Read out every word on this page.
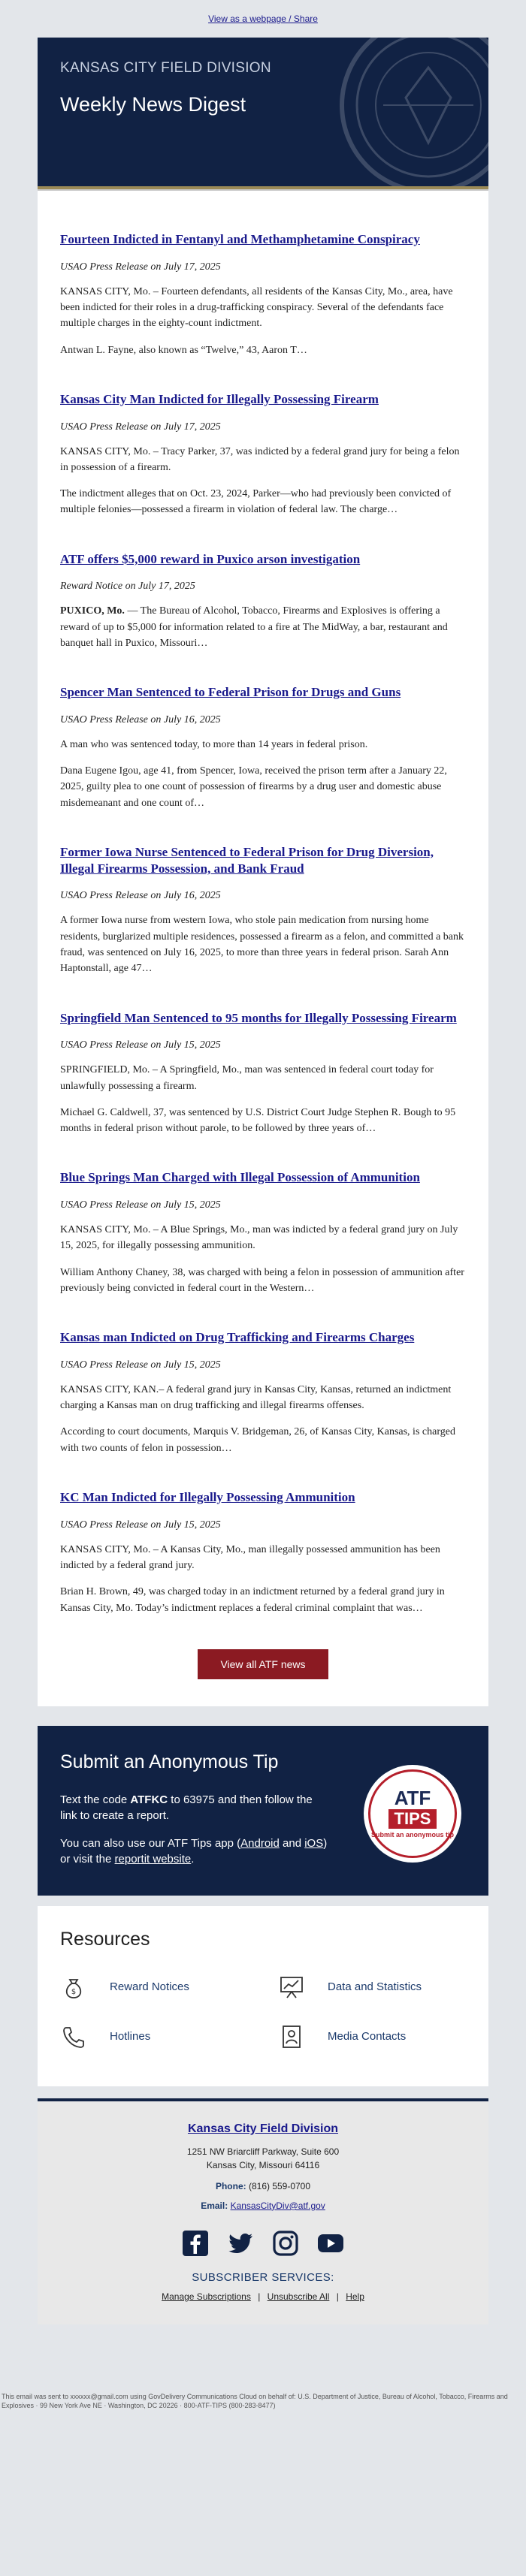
View as a webpage / Share
KANSAS CITY FIELD DIVISION
Weekly News Digest
Fourteen Indicted in Fentanyl and Methamphetamine Conspiracy
USAO Press Release on July 17, 2025

KANSAS CITY, Mo. – Fourteen defendants, all residents of the Kansas City, Mo., area, have been indicted for their roles in a drug-trafficking conspiracy. Several of the defendants face multiple charges in the eighty-count indictment.

Antwan L. Fayne, also known as “Twelve,” 43, Aaron T…

Kansas City Man Indicted for Illegally Possessing Firearm
USAO Press Release on July 17, 2025

KANSAS CITY, Mo. – Tracy Parker, 37, was indicted by a federal grand jury for being a felon in possession of a firearm.

The indictment alleges that on Oct. 23, 2024, Parker—who had previously been convicted of multiple felonies—possessed a firearm in violation of federal law. The charge…

ATF offers $5,000 reward in Puxico arson investigation
Reward Notice on July 17, 2025

PUXICO, Mo. — The Bureau of Alcohol, Tobacco, Firearms and Explosives is offering a reward of up to $5,000 for information related to a fire at The MidWay, a bar, restaurant and banquet hall in Puxico, Missouri…

Spencer Man Sentenced to Federal Prison for Drugs and Guns
USAO Press Release on July 16, 2025

A man who was sentenced today, to more than 14 years in federal prison.

Dana Eugene Igou, age 41, from Spencer, Iowa, received the prison term after a January 22, 2025, guilty plea to one count of possession of firearms by a drug user and domestic abuse misdemeanant and one count of…

Former Iowa Nurse Sentenced to Federal Prison for Drug Diversion, Illegal Firearms Possession, and Bank Fraud
USAO Press Release on July 16, 2025

A former Iowa nurse from western Iowa, who stole pain medication from nursing home residents, burglarized multiple residences, possessed a firearm as a felon, and committed a bank fraud, was sentenced on July 16, 2025, to more than three years in federal prison. Sarah Ann Haptonstall, age 47…

Springfield Man Sentenced to 95 months for Illegally Possessing Firearm
USAO Press Release on July 15, 2025

SPRINGFIELD, Mo. – A Springfield, Mo., man was sentenced in federal court today for unlawfully possessing a firearm.

Michael G. Caldwell, 37, was sentenced by U.S. District Court Judge Stephen R. Bough to 95 months in federal prison without parole, to be followed by three years of…

Blue Springs Man Charged with Illegal Possession of Ammunition
USAO Press Release on July 15, 2025

KANSAS CITY, Mo. – A Blue Springs, Mo., man was indicted by a federal grand jury on July 15, 2025, for illegally possessing ammunition.

William Anthony Chaney, 38, was charged with being a felon in possession of ammunition after previously being convicted in federal court in the Western…

Kansas man Indicted on Drug Trafficking and Firearms Charges
USAO Press Release on July 15, 2025

KANSAS CITY, KAN.– A federal grand jury in Kansas City, Kansas, returned an indictment charging a Kansas man on drug trafficking and illegal firearms offenses.

According to court documents, Marquis V. Bridgeman, 26, of Kansas City, Kansas, is charged with two counts of felon in possession…

KC Man Indicted for Illegally Possessing Ammunition
USAO Press Release on July 15, 2025

KANSAS CITY, Mo. – A Kansas City, Mo., man illegally possessed ammunition has been indicted by a federal grand jury.

Brian H. Brown, 49, was charged today in an indictment returned by a federal grand jury in Kansas City, Mo. Today’s indictment replaces a federal criminal complaint that was…

View all ATF news
Submit an Anonymous Tip

Text the code ATFKC to 63975 and then follow the link to create a report.

You can also use our ATF Tips app (Android and iOS) or visit the reportit website.

ATF
TIPS
Submit an anonymous tip
Resources
$	Reward Notices	Data and Statistics
Hotlines	Media Contacts
Kansas City Field Division
1251 NW Briarcliff Parkway, Suite 600
Kansas City, Missouri 64116
Phone: (816) 559-0700
Email: KansasCityDiv@atf.gov
SUBSCRIBER SERVICES:
Manage Subscriptions | Unsubscribe All | Help
This email was sent to xxxxxx@gmail.com using GovDelivery Communications Cloud on behalf of: U.S. Department of Justice, Bureau of Alcohol, Tobacco, Firearms and Explosives · 99 New York Ave NE · Washington, DC 20226 · 800-ATF-TIPS (800-283-8477)
